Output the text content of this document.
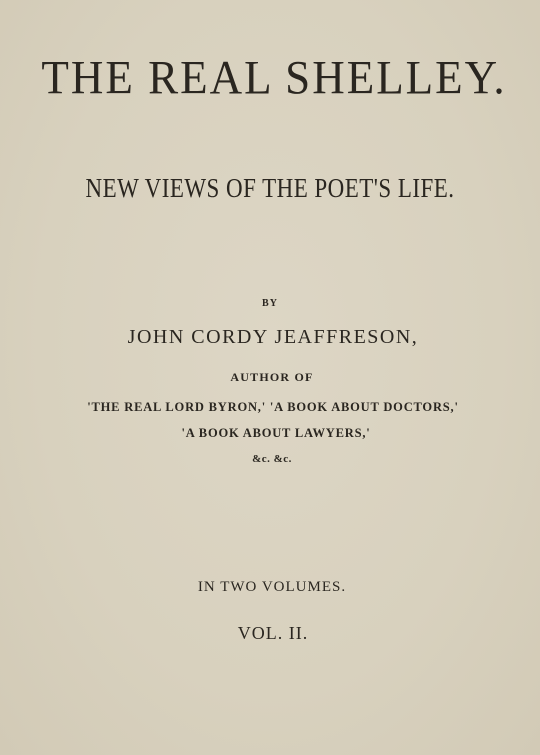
THE REAL SHELLEY.
NEW VIEWS OF THE POET'S LIFE.
BY
JOHN CORDY JEAFFRESON,
AUTHOR OF
'THE REAL LORD BYRON,' 'A BOOK ABOUT DOCTORS,'
'A BOOK ABOUT LAWYERS,'
&c. &c.
IN TWO VOLUMES.
VOL. II.
